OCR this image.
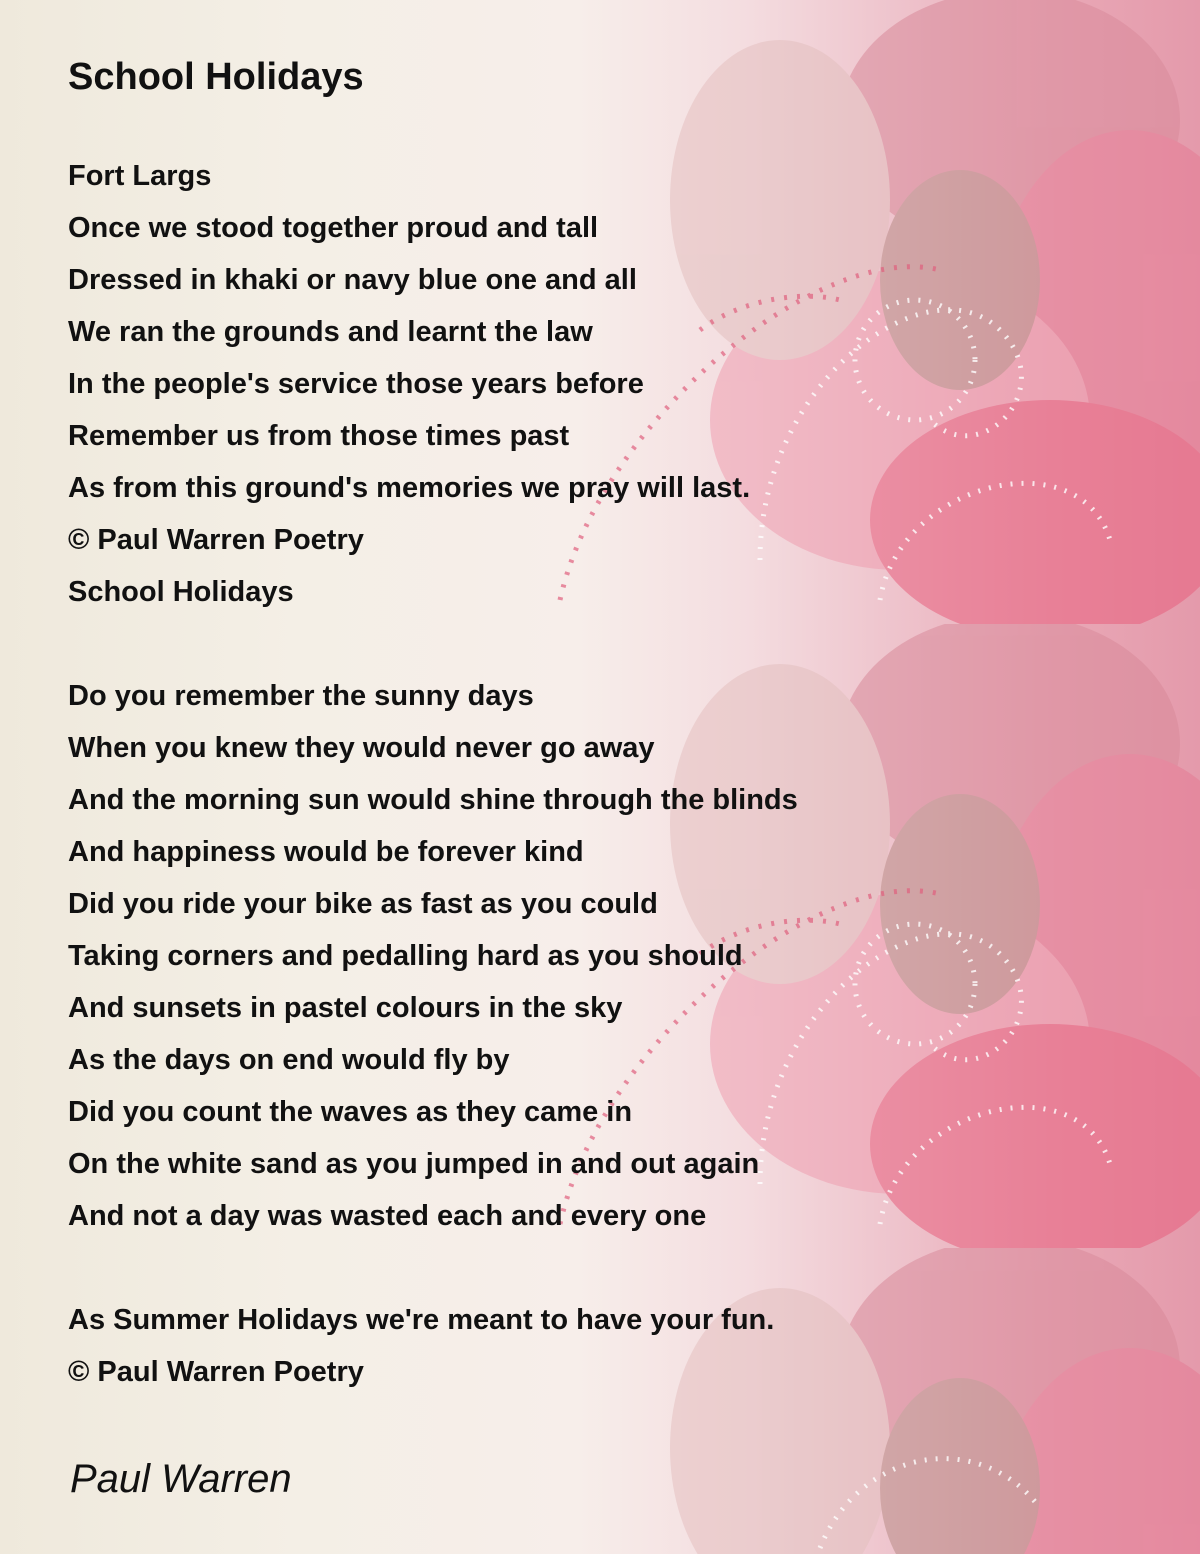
School Holidays

Fort Largs

Once we stood together proud and tall

Dressed in khaki or navy blue one and all

We ran the grounds and learnt the law

In the people's service those years before

Remember us from those times past

As from this ground's memories we pray will last.

© Paul Warren Poetry

School Holidays

Do you remember the sunny days

When you knew they would never go away

And the morning sun would shine through the blinds

And happiness would be forever kind

Did you ride your bike as fast as you could

Taking corners and pedalling hard as you should

And sunsets in pastel colours in the sky

As the days on end would fly by

Did you count the waves as they came in

On the white sand as you jumped in and out again

And not a day was wasted each and every one

As Summer Holidays we're meant to have your fun.

© Paul Warren Poetry

Paul Warren
